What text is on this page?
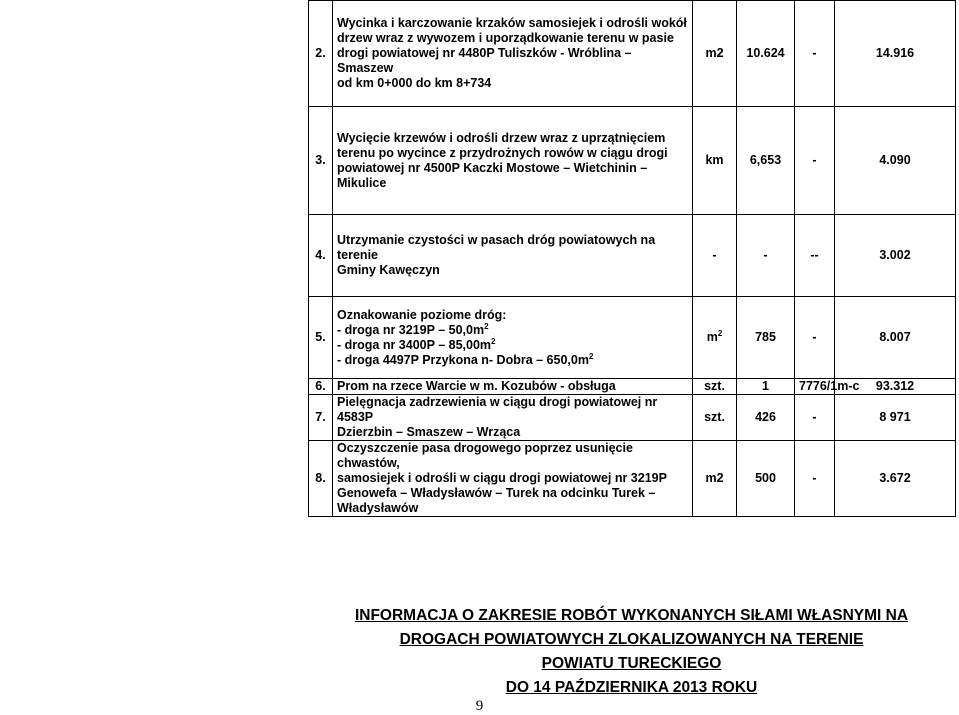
2.	Wycinka i karczowanie krzaków samosiejek i odrośli wokół
drzew wraz z wywozem i uporządkowanie terenu w pasie
drogi powiatowej nr 4480P Tuliszków - Wróblina – Smaszew
od km 0+000 do km 8+734	m2	10.624	-	14.916
3.	Wycięcie krzewów i odrośli drzew wraz z uprzątnięciem
terenu po wycince z przydrożnych rowów w ciągu drogi
powiatowej nr 4500P Kaczki Mostowe – Wietchinin – Mikulice	km	6,653	-	4.090
4.	Utrzymanie czystości w pasach dróg powiatowych na terenie
Gminy Kawęczyn	-	-	--	3.002
5.	Oznakowanie poziome dróg:
- droga nr $3219P - 50,0m^2$
- droga nr $3400P - 85,00m^2$
- droga 4497P Przykona n- Dobra – $650,0m^2$	$m^2$	785	-	8.007
6.	Prom na rzece Warcie w m. Kozubów - obsługa	szt.	1	7776/1m-c	93.312
7.	Pielęgnacja zadrzewienia w ciągu drogi powiatowej nr 4583P
Dzierzbin – Smaszew – Wrząca	szt.	426	-	8 971
8.	Oczyszczenie pasa drogowego poprzez usunięcie chwastów,
samosiejek i odrośli w ciągu drogi powiatowej nr 3219P
Genowefa – Władysławów – Turek na odcinku Turek –
Władysławów	m2	500	-	3.672
INFORMACJA O ZAKRESIE ROBÓT WYKONANYCH SIŁAMI WŁASNYMI NA
DROGACH POWIATOWYCH ZLOKALIZOWANYCH NA TERENIE
POWIATU TURECKIEGO
DO 14 PAŹDZIERNIKA 2013 ROKU
9
